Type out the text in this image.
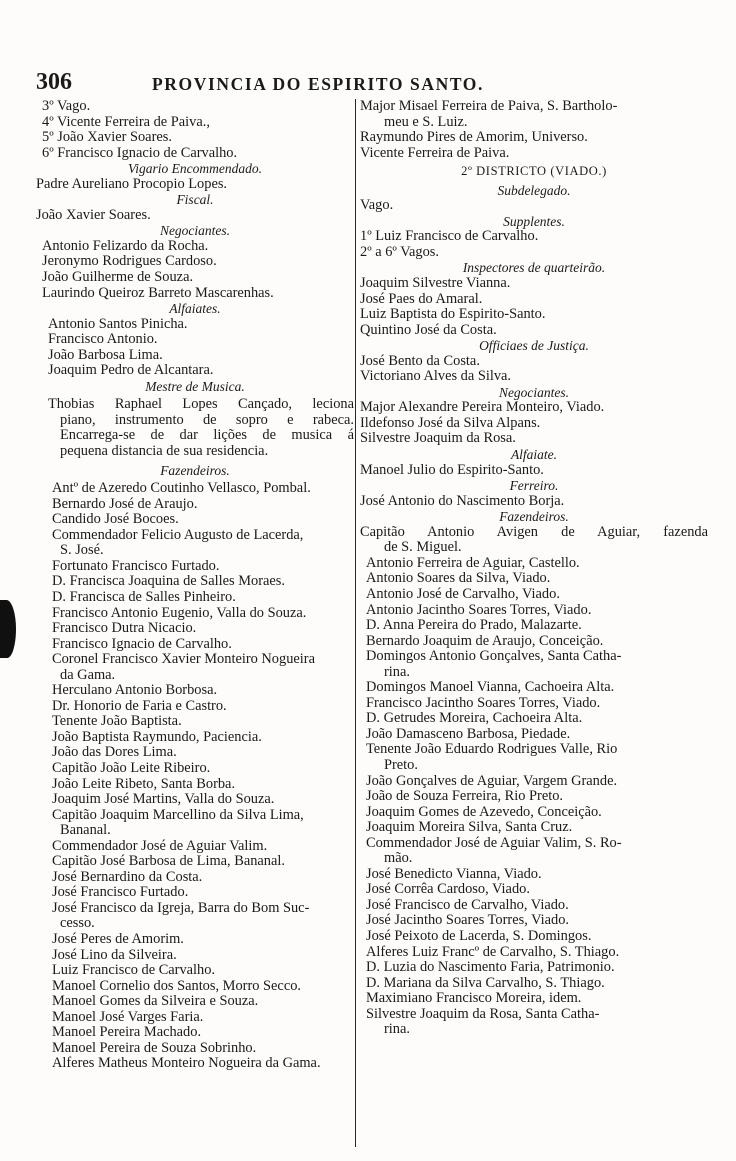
306	PROVINCIA DO ESPIRITO SANTO.
3º Vago.
4º Vicente Ferreira de Paiva.,
5º João Xavier Soares.
6º Francisco Ignacio de Carvalho.
Vigario Encommendado.
Padre Aureliano Procopio Lopes.
Fiscal.
João Xavier Soares.
Negociantes.
Antonio Felizardo da Rocha.
Jeronymo Rodrigues Cardoso.
João Guilherme de Souza.
Laurindo Queiroz Barreto Mascarenhas.
Alfaiates.
Antonio Santos Pinicha.
Francisco Antonio.
João Barbosa Lima.
Joaquim Pedro de Alcantara.
Mestre de Musica.
Thobias Raphael Lopes Cançado, leciona
piano, instrumento de sopro e rabeca.
Encarrega-se de dar lições de musica á
pequena distancia de sua residencia.
Fazendeiros.
Antº de Azeredo Coutinho Vellasco, Pombal.
Bernardo José de Araujo.
Candido José Bocoes.
Commendador Felicio Augusto de Lacerda,
S. José.
Fortunato Francisco Furtado.
D. Francisca Joaquina de Salles Moraes.
D. Francisca de Salles Pinheiro.
Francisco Antonio Eugenio, Valla do Souza.
Francisco Dutra Nicacio.
Francisco Ignacio de Carvalho.
Coronel Francisco Xavier Monteiro Nogueira
da Gama.
Herculano Antonio Borbosa.
Dr. Honorio de Faria e Castro.
Tenente João Baptista.
João Baptista Raymundo, Paciencia.
João das Dores Lima.
Capitão João Leite Ribeiro.
João Leite Ribeto, Santa Borba.
Joaquim José Martins, Valla do Souza.
Capitão Joaquim Marcellino da Silva Lima,
Bananal.
Commendador José de Aguiar Valim.
Capitão José Barbosa de Lima, Bananal.
José Bernardino da Costa.
José Francisco Furtado.
José Francisco da Igreja, Barra do Bom Suc-
cesso.
José Peres de Amorim.
José Lino da Silveira.
Luiz Francisco de Carvalho.
Manoel Cornelio dos Santos, Morro Secco.
Manoel Gomes da Silveira e Souza.
Manoel José Varges Faria.
Manoel Pereira Machado.
Manoel Pereira de Souza Sobrinho.
Alferes Matheus Monteiro Nogueira da Gama.
Major Misael Ferreira de Paiva, S. Bartholo-
meu e S. Luiz.
Raymundo Pires de Amorim, Universo.
Vicente Ferreira de Paiva.
2º DISTRICTO (VIADO.)
Subdelegado.
Vago.
Supplentes.
1º Luiz Francisco de Carvalho.
2º a 6º Vagos.
Inspectores de quarteirão.
Joaquim Silvestre Vianna.
José Paes do Amaral.
Luiz Baptista do Espirito-Santo.
Quintino José da Costa.
Officiaes de Justiça.
José Bento da Costa.
Victoriano Alves da Silva.
Negociantes.
Major Alexandre Pereira Monteiro, Viado.
Ildefonso José da Silva Alpans.
Silvestre Joaquim da Rosa.
Alfaiate.
Manoel Julio do Espirito-Santo.
Ferreiro.
José Antonio do Nascimento Borja.
Fazendeiros.
Capitão Antonio Avigen de Aguiar, fazenda
de S. Miguel.
Antonio Ferreira de Aguiar, Castello.
Antonio Soares da Silva, Viado.
Antonio José de Carvalho, Viado.
Antonio Jacintho Soares Torres, Viado.
D. Anna Pereira do Prado, Malazarte.
Bernardo Joaquim de Araujo, Conceição.
Domingos Antonio Gonçalves, Santa Catha-
rina.
Domingos Manoel Vianna, Cachoeira Alta.
Francisco Jacintho Soares Torres, Viado.
D. Getrudes Moreira, Cachoeira Alta.
João Damasceno Barbosa, Piedade.
Tenente João Eduardo Rodrigues Valle, Rio
Preto.
João Gonçalves de Aguiar, Vargem Grande.
João de Souza Ferreira, Rio Preto.
Joaquim Gomes de Azevedo, Conceição.
Joaquim Moreira Silva, Santa Cruz.
Commendador José de Aguiar Valim, S. Ro-
mão.
José Benedicto Vianna, Viado.
José Corrêa Cardoso, Viado.
José Francisco de Carvalho, Viado.
José Jacintho Soares Torres, Viado.
José Peixoto de Lacerda, S. Domingos.
Alferes Luiz Francº de Carvalho, S. Thiago.
D. Luzia do Nascimento Faria, Patrimonio.
D. Mariana da Silva Carvalho, S. Thiago.
Maximiano Francisco Moreira, idem.
Silvestre Joaquim da Rosa, Santa Catha-
rina.
